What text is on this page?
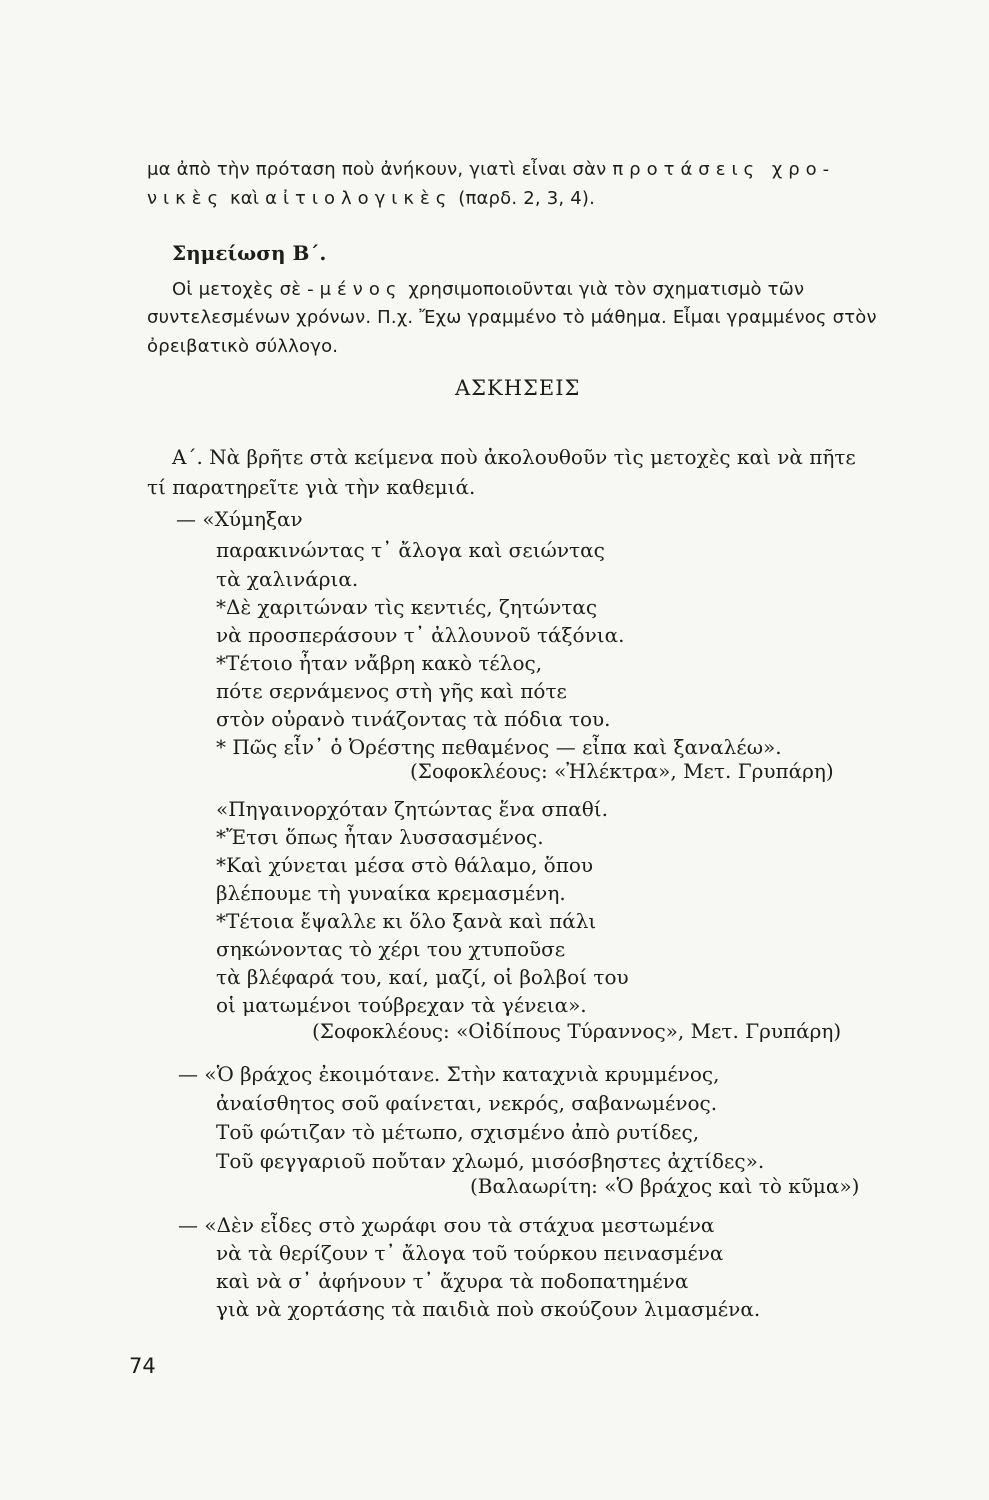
μα ἀπὸ τὴν πρόταση ποὺ ἀνήκουν, γιατὶ εἶναι σὰν προτάσεις χρο-
νικὲς καὶ αἰτιολογικὲς (παρδ. 2, 3, 4).
Σημείωση Β΄.
Οἱ μετοχὲς σὲ -μένος χρησιμοποιοῦνται γιὰ τὸν σχηματισμὸ τῶν
συντελεσμένων χρόνων. Π.χ. Ἔχω γραμμένο τὸ μάθημα. Εἶμαι γραμμένος στὸν
ὀρειβατικὸ σύλλογο.
ΑΣΚΗΣΕΙΣ
Α΄. Νὰ βρῆτε στὰ κείμενα ποὺ ἀκολουθοῦν τὶς μετοχὲς καὶ νὰ πῆτε
τί παρατηρεῖτε γιὰ τὴν καθεμιά.
— «Χύμηξαν
παρακινώντας τ᾽ ἄλογα καὶ σειώντας
τὰ χαλινάρια.
*Δὲ χαριτώναν τὶς κεντιές, ζητώντας
νὰ προσπεράσουν τ᾽ ἀλλουνοῦ τάξόνια.
*Τέτοιο ἦταν νἄβρη κακὸ τέλος,
πότε σερνάμενος στὴ γῆς καὶ πότε
στὸν οὐρανὸ τινάζοντας τὰ πόδια του.
* Πῶς εἶν᾽ ὁ Ὀρέστης πεθαμένος — εἶπα καὶ ξαναλέω».
(Σοφοκλέους: «Ἠλέκτρα», Μετ. Γρυπάρη)
«Πηγαινορχόταν ζητώντας ἕνα σπαθί.
*Ἔτσι ὅπως ἦταν λυσσασμένος.
*Καὶ χύνεται μέσα στὸ θάλαμο, ὅπου
βλέπουμε τὴ γυναίκα κρεμασμένη.
*Τέτοια ἔψαλλε κι ὅλο ξανὰ καὶ πάλι
σηκώνοντας τὸ χέρι του χτυποῦσε
τὰ βλέφαρά του, καί, μαζί, οἱ βολβοί του
οἱ ματωμένοι τούβρεχαν τὰ γένεια».
(Σοφοκλέους: «Οἰδίπους Τύραννος», Μετ. Γρυπάρη)
— «Ὁ βράχος ἐκοιμότανε. Στὴν καταχνιὰ κρυμμένος,
ἀναίσθητος σοῦ φαίνεται, νεκρός, σαβανωμένος.
Τοῦ φώτιζαν τὸ μέτωπο, σχισμένο ἀπὸ ρυτίδες,
Τοῦ φεγγαριοῦ ποὔταν χλωμό, μισόσβηστες ἀχτίδες».
(Βαλαωρίτη: «Ὁ βράχος καὶ τὸ κῦμα»)
— «Δὲν εἶδες στὸ χωράφι σου τὰ στάχυα μεστωμένα
νὰ τὰ θερίζουν τ᾽ ἄλογα τοῦ τούρκου πεινασμένα
καὶ νὰ σ᾽ ἀφήνουν τ᾽ ἄχυρα τὰ ποδοπατημένα
γιὰ νὰ χορτάσης τὰ παιδιὰ ποὺ σκούζουν λιμασμένα.
74
